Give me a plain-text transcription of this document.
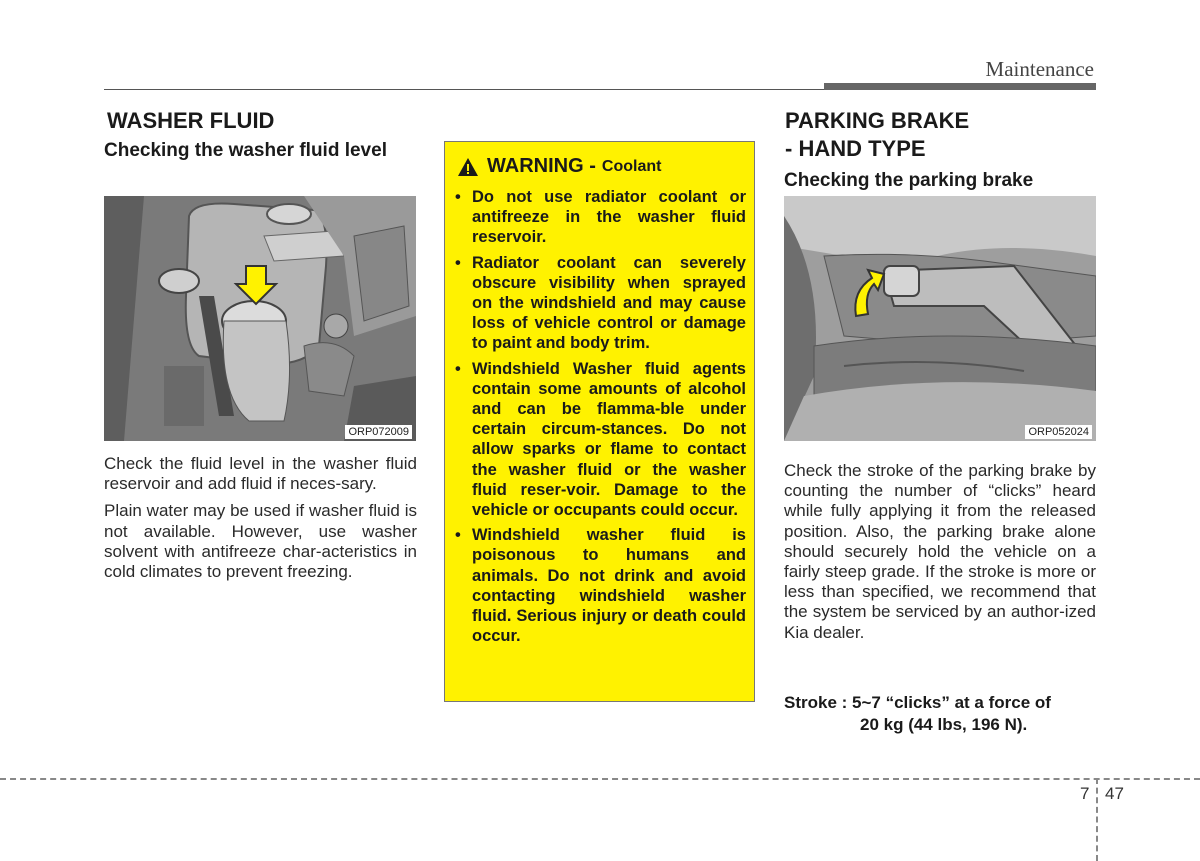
Maintenance
WASHER FLUID
Checking the washer fluid level
ORP072009

Check the fluid level in the washer fluid reservoir and add fluid if neces-sary.

Plain water may be used if washer fluid is not available. However, use washer solvent with antifreeze char-acteristics in cold climates to prevent freezing.

WARNING - Coolant
• Do not use radiator coolant or antifreeze in the washer fluid reservoir.
• Radiator coolant can severely obscure visibility when sprayed on the windshield and may cause loss of vehicle control or damage to paint and body trim.
• Windshield Washer fluid agents contain some amounts of alcohol and can be flamma-ble under certain circum-stances. Do not allow sparks or flame to contact the washer fluid or the washer fluid reser-voir. Damage to the vehicle or occupants could occur.
• Windshield washer fluid is poisonous to humans and animals. Do not drink and avoid contacting windshield washer fluid. Serious injury or death could occur.
PARKING BRAKE
- HAND TYPE
Checking the parking brake
ORP052024

Check the stroke of the parking brake by counting the number of “clicks” heard while fully applying it from the released position. Also, the parking brake alone should securely hold the vehicle on a fairly steep grade. If the stroke is more or less than specified, we recommend that the system be serviced by an author-ized Kia dealer.

Stroke : 5~7 “clicks” at a force of
20 kg (44 lbs, 196 N).
7 47
